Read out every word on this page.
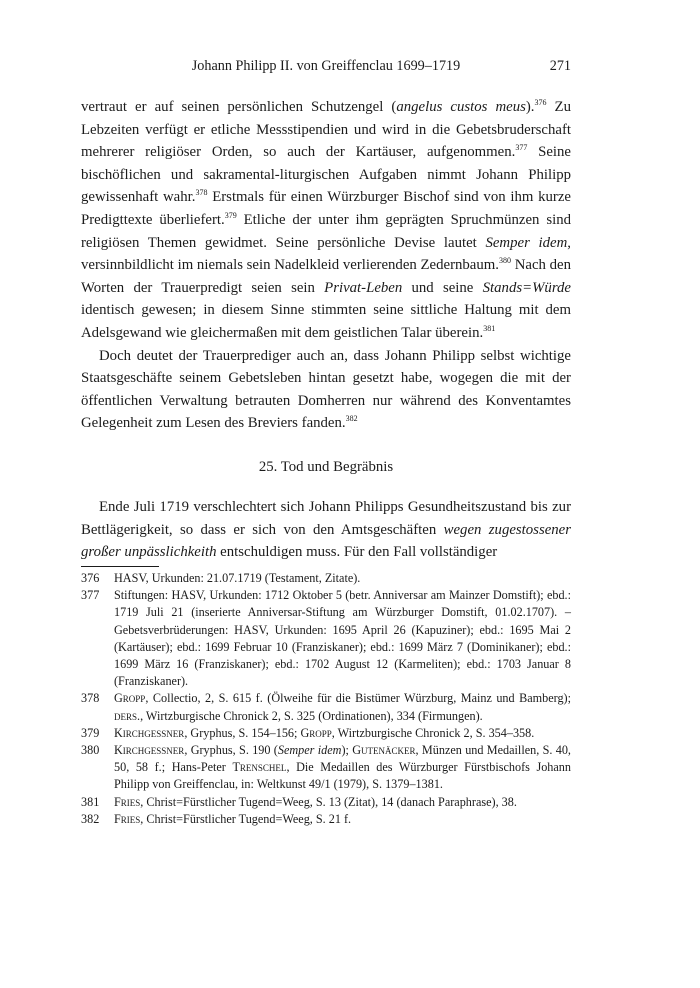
Johann Philipp II. von Greiffenclau 1699–1719	271

vertraut er auf seinen persönlichen Schutzengel (angelus custos meus).$^{376}$ Zu Lebzeiten verfügt er etliche Messstipendien und wird in die Gebetsbruderschaft mehrerer religiöser Orden, so auch der Kartäuser, aufgenommen.$^{377}$ Seine bischöflichen und sakramental-liturgischen Aufgaben nimmt Johann Philipp gewissenhaft wahr.$^{378}$ Erstmals für einen Würzburger Bischof sind von ihm kurze Predigttexte überliefert.$^{379}$ Etliche der unter ihm geprägten Spruchmünzen sind religiösen Themen gewidmet. Seine persönliche Devise lautet Semper idem, versinnbildlicht im niemals sein Nadelkleid verlierenden Zedernbaum.$^{380}$ Nach den Worten der Trauerpredigt seien sein Privat-Leben und seine Stands=Würde identisch gewesen; in diesem Sinne stimmten seine sittliche Haltung mit dem Adelsgewand wie gleichermaßen mit dem geistlichen Talar überein.$^{381}$

Doch deutet der Trauerprediger auch an, dass Johann Philipp selbst wichtige Staatsgeschäfte seinem Gebetsleben hintan gesetzt habe, wogegen die mit der öffentlichen Verwaltung betrauten Domherren nur während des Konventamtes Gelegenheit zum Lesen des Breviers fanden.$^{382}$

25. Tod und Begräbnis

Ende Juli 1719 verschlechtert sich Johann Philipps Gesundheitszustand bis zur Bettlägerigkeit, so dass er sich von den Amtsgeschäften wegen zugestossener großer unpässlichkeith entschuldigen muss. Für den Fall vollständiger

376	HASV, Urkunden: 21.07.1719 (Testament, Zitate).
377	Stiftungen: HASV, Urkunden: 1712 Oktober 5 (betr. Anniversar am Mainzer Domstift); ebd.: 1719 Juli 21 (inserierte Anniversar-Stiftung am Würzburger Domstift, 01.02.1707). – Gebetsverbrüderungen: HASV, Urkunden: 1695 April 26 (Kapuziner); ebd.: 1695 Mai 2 (Kartäuser); ebd.: 1699 Februar 10 (Franziskaner); ebd.: 1699 März 7 (Dominikaner); ebd.: 1699 März 16 (Franziskaner); ebd.: 1702 August 12 (Karmeliten); ebd.: 1703 Januar 8 (Franziskaner).
378	Gropp, Collectio, 2, S. 615 f. (Ölweihe für die Bistümer Würzburg, Mainz und Bamberg); ders., Wirtzburgische Chronick 2, S. 325 (Ordinationen), 334 (Firmungen).
379	Kirchgessner, Gryphus, S. 154–156; Gropp, Wirtzburgische Chronick 2, S. 354–358.
380	Kirchgessner, Gryphus, S. 190 (Semper idem); Gutenäcker, Münzen und Medaillen, S. 40, 50, 58 f.; Hans-Peter Trenschel, Die Medaillen des Würzburger Fürstbischofs Johann Philipp von Greiffenclau, in: Weltkunst 49/1 (1979), S. 1379–1381.
381	Fries, Christ=Fürstlicher Tugend=Weeg, S. 13 (Zitat), 14 (danach Paraphrase), 38.
382	Fries, Christ=Fürstlicher Tugend=Weeg, S. 21 f.
